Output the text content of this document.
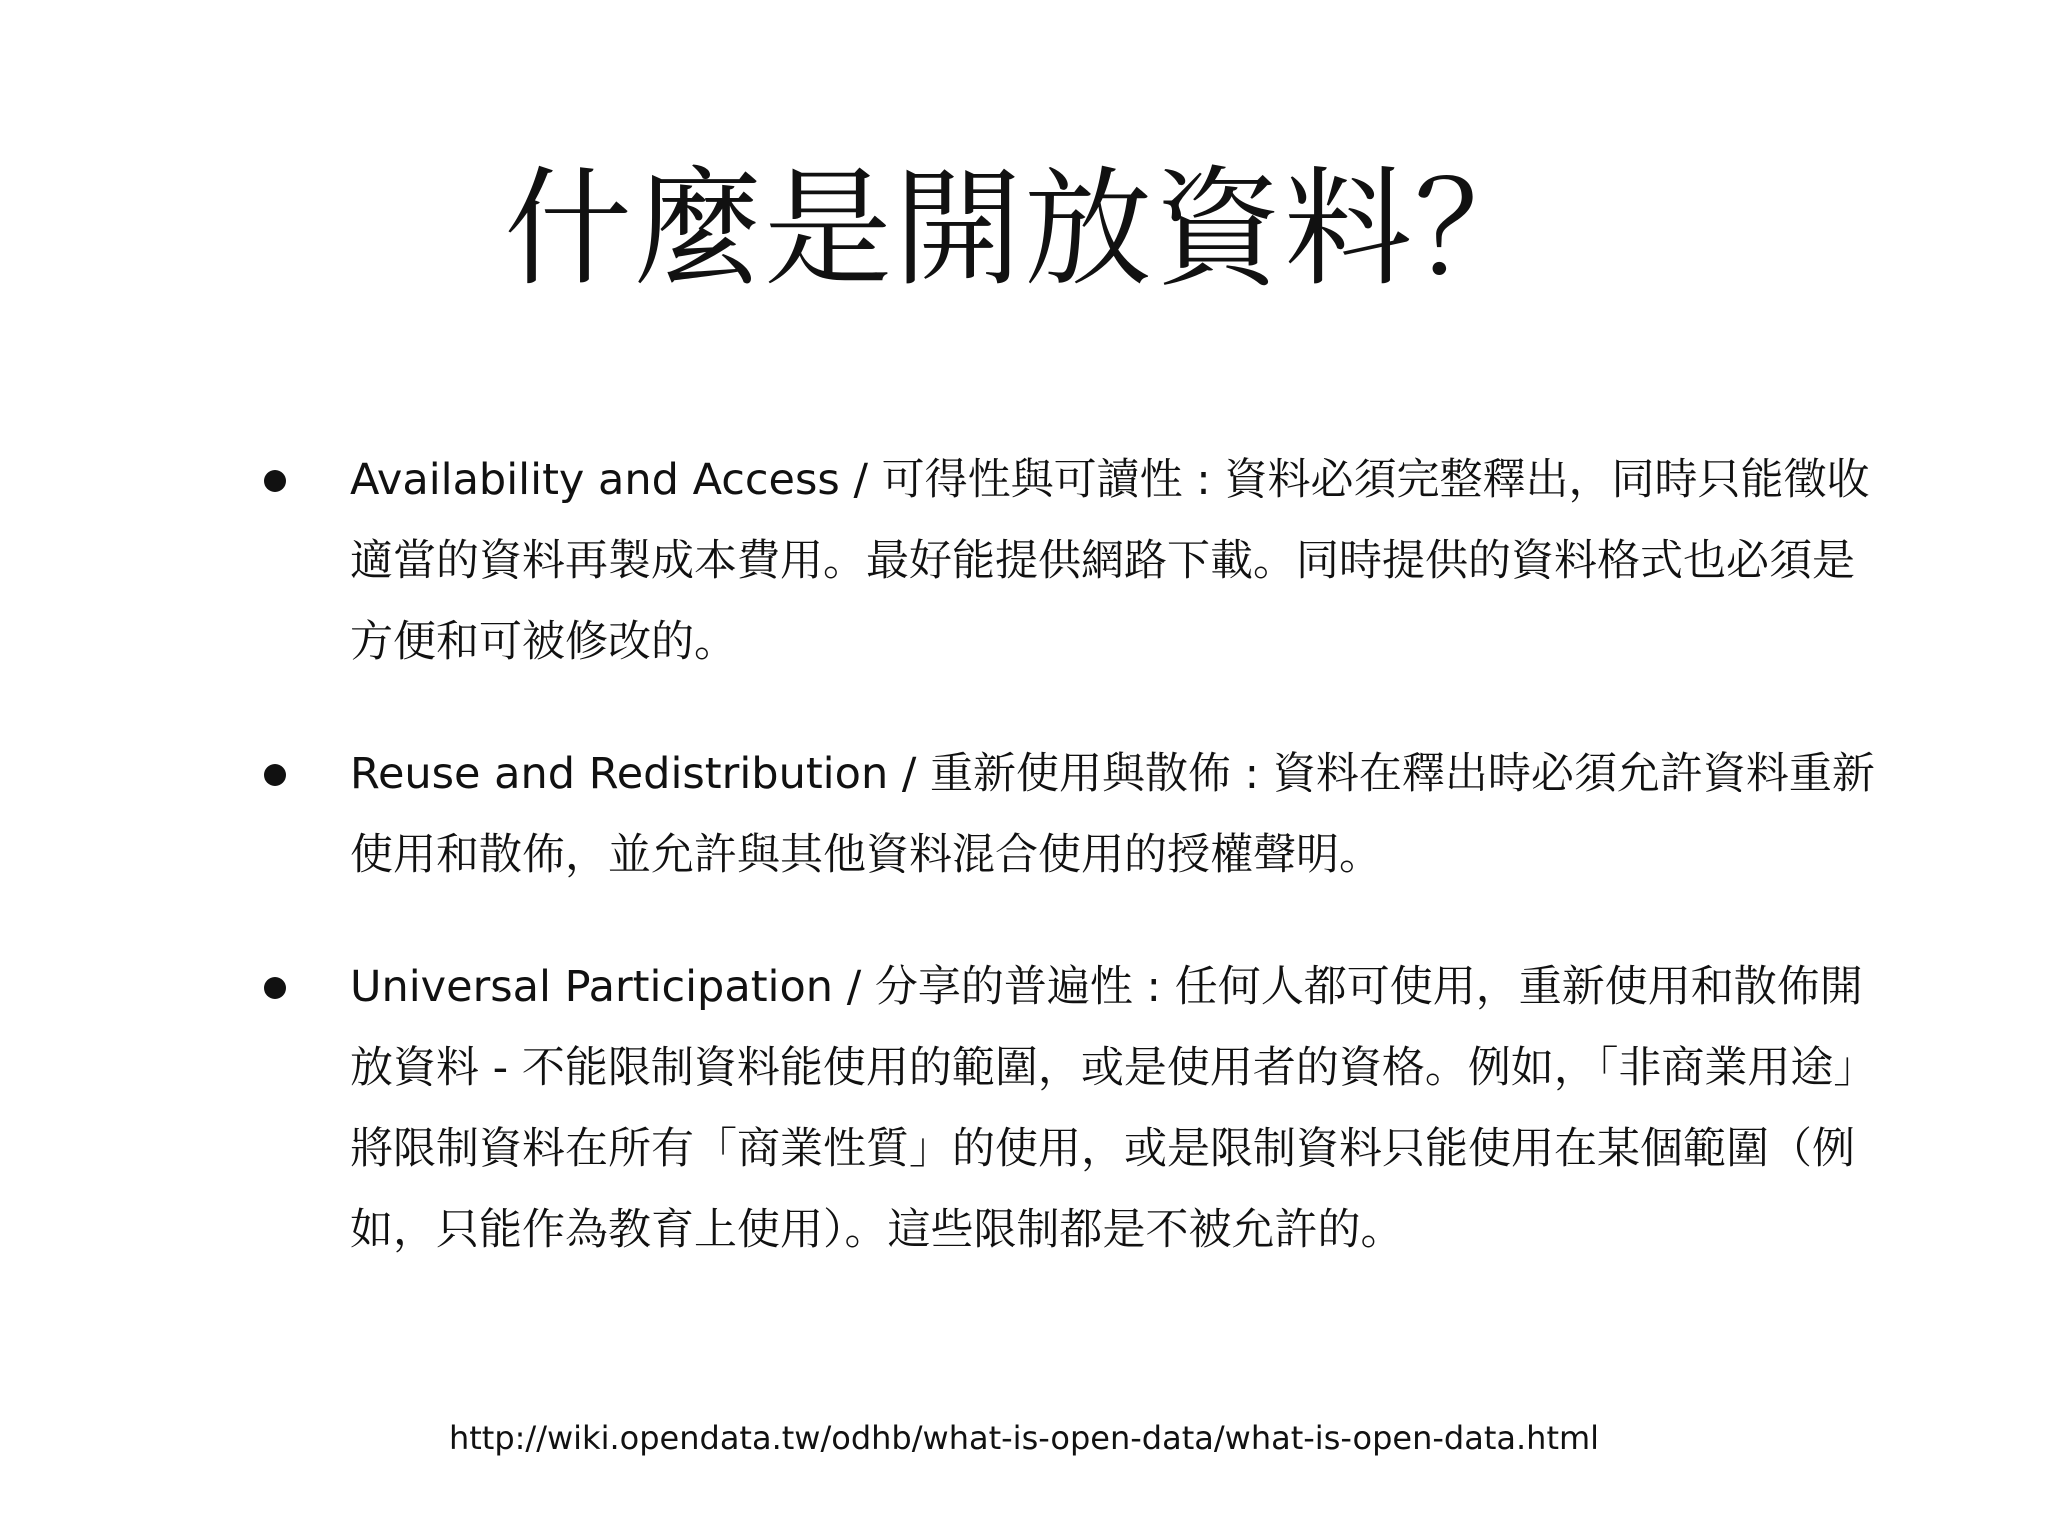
什麼是開放資料？
Availability and Access / 可得性與可讀性 : 資料必須完整釋出，同時只能徵收適當的資料再製成本費用。最好能提供網路下載。同時提供的資料格式也必須是方便和可被修改的。
Reuse and Redistribution / 重新使用與散佈 : 資料在釋出時必須允許資料重新使用和散佈，並允許與其他資料混合使用的授權聲明。
Universal Participation / 分享的普遍性 : 任何人都可使用，重新使用和散佈開放資料 - 不能限制資料能使用的範圍，或是使用者的資格。例如，「非商業用途」將限制資料在所有「商業性質」的使用，或是限制資料只能使用在某個範圍（例如，只能作為教育上使用）。這些限制都是不被允許的。
http://wiki.opendata.tw/odhb/what-is-open-data/what-is-open-data.html
